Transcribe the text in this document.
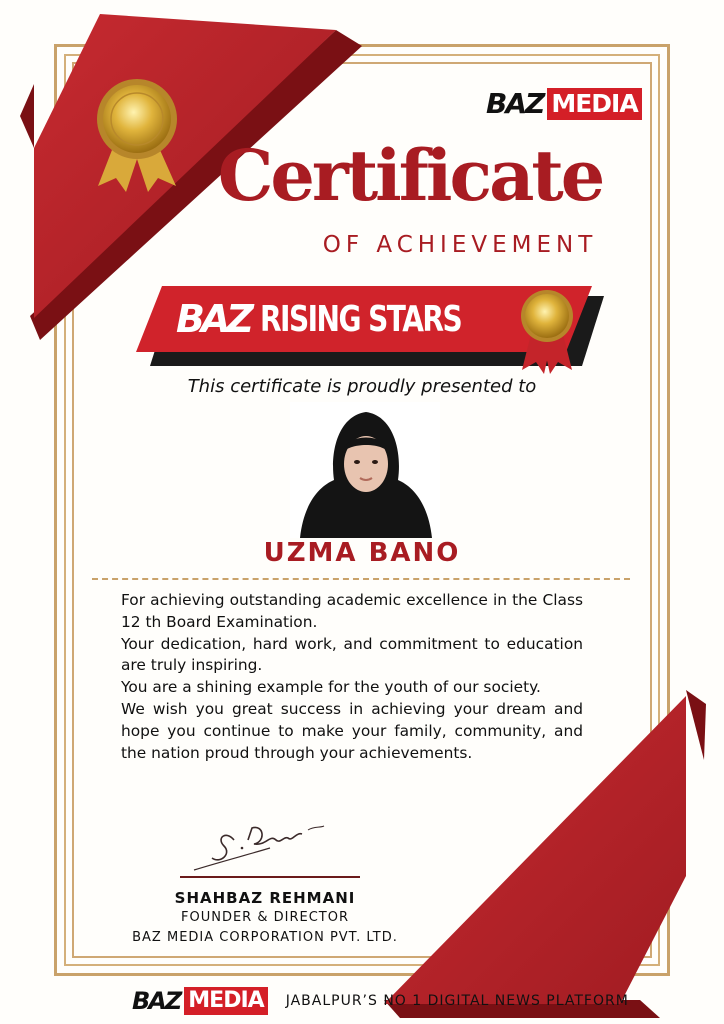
BAZ MEDIA
Certificate
OF ACHIEVEMENT
BAZ RISING STARS
This certificate is proudly presented to
UZMA BANO

For achieving outstanding academic excellence in the Class 12 th Board Examination.

Your dedication, hard work, and commitment to education are truly inspiring.

You are a shining example for the youth of our society.

We wish you great success in achieving your dream and hope you continue to make your family, community, and the nation proud through your achievements.

SHAHBAZ REHMANI
FOUNDER & DIRECTOR
BAZ MEDIA CORPORATION PVT. LTD.
BAZ MEDIA JABALPUR’S NO 1 DIGITAL NEWS PLATFORM
